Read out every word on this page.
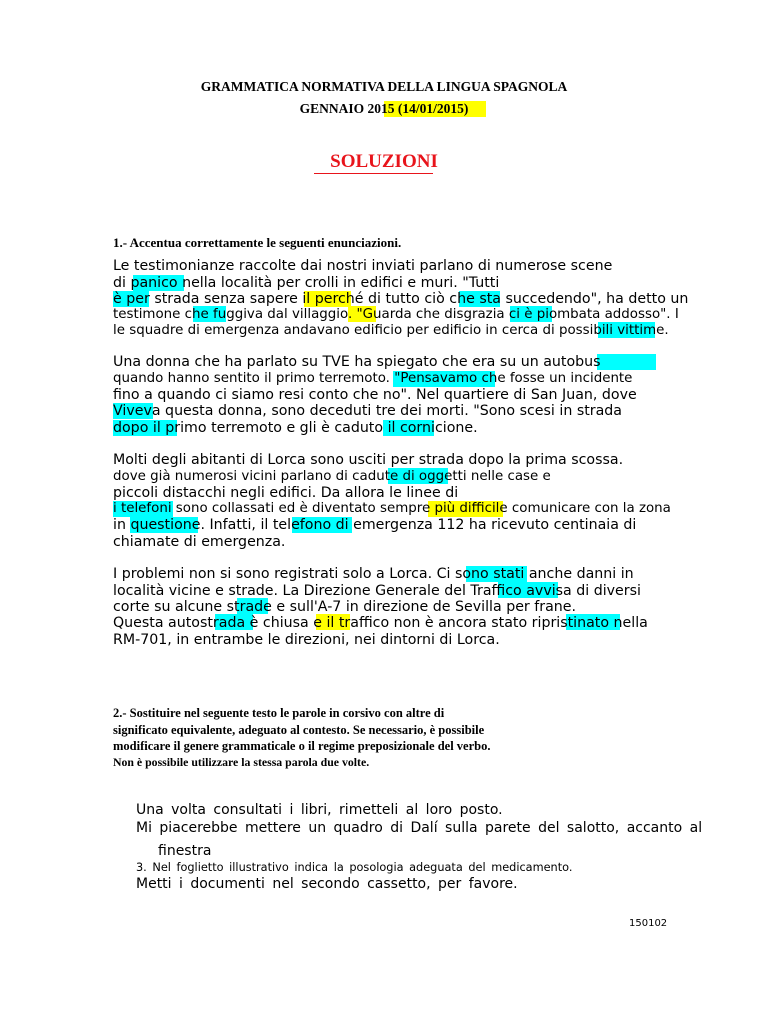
GRAMMATICA NORMATIVA DELLA LINGUA SPAGNOLA
GENNAIO 2015 (14/01/2015)
SOLUZIONI
1.- Accentua correttamente le seguenti enunciazioni.
Le testimonianze raccolte dai nostri inviati parlano di numerose scene
di panico nella località per crolli in edifici e muri. "Tutti
è per strada senza sapere il perché di tutto ciò che sta succedendo", ha detto un
testimone che fuggiva dal villaggio. "Guarda che disgrazia ci è piombata addosso". I
le squadre di emergenza andavano edificio per edificio in cerca di possibili vittime.
Una donna che ha parlato su TVE ha spiegato che era su un autobus
quando hanno sentito il primo terremoto. "Pensavamo che fosse un incidente
fino a quando ci siamo resi conto che no". Nel quartiere di San Juan, dove
Viveva questa donna, sono deceduti tre dei morti. "Sono scesi in strada
dopo il primo terremoto e gli è caduto il cornicione.
Molti degli abitanti di Lorca sono usciti per strada dopo la prima scossa.
dove già numerosi vicini parlano di cadute di oggetti nelle case e
piccoli distacchi negli edifici. Da allora le linee di
i telefoni sono collassati ed è diventato sempre più difficile comunicare con la zona
in questione. Infatti, il telefono di emergenza 112 ha ricevuto centinaia di
chiamate di emergenza.
I problemi non si sono registrati solo a Lorca. Ci sono stati anche danni in
località vicine e strade. La Direzione Generale del Traffico avvisa di diversi
corte su alcune strade e sull'A-7 in direzione de Sevilla per frane.
Questa autostrada è chiusa e il traffico non è ancora stato ripristinato nella
RM-701, in entrambe le direzioni, nei dintorni di Lorca.
2.- Sostituire nel seguente testo le parole in corsivo con altre di
significato equivalente, adeguato al contesto. Se necessario, è possibile
modificare il genere grammaticale o il regime preposizionale del verbo.
Non è possibile utilizzare la stessa parola due volte.
Una volta consultati i libri, rimetteli al loro posto.
Mi piacerebbe mettere un quadro di Dalí sulla parete del salotto, accanto al
finestra
3. Nel foglietto illustrativo indica la posologia adeguata del medicamento.
Metti i documenti nel secondo cassetto, per favore.
150102
